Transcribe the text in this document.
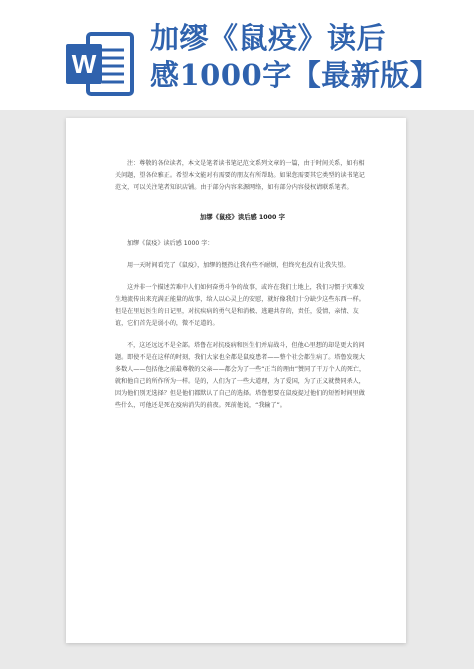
W
加缪《鼠疫》读后
感1000字【最新版】

注：尊敬的各位读者，本文是笔者读书笔记范文系列文章的一篇，由于时间关系，如有相关问题，望各位雅正。希望本文能对有需要的朋友有所帮助。如果您需要其它类型的读书笔记范文，可以关注笔者知识店铺。由于部分内容来源网络，如有部分内容侵权请联系笔者。

加缪《鼠疫》读后感 1000 字

加缪《鼠疫》读后感 1000 字：

用一天时间看完了《鼠疫》，加缪的惬热让我有些不耐烦，但终究也没有让我失望。

这并非一个描述苦难中人们如何奋勇斗争的故事，或许在我们土地上，我们习惯于灾难发生地流传出来充满正能量的故事，给人以心灵上的安慰，就好像我们十分缺少这些东西一样。但是在里厄医生的日记里，对抗疾病的勇气是和消极、逃避共存的，责任，爱情，亲情、友谊，它们首先是弱小的，微不足道的。

不，这还远远不是全部。塔鲁在对抗疫病和医生们并肩战斗，但他心里想的却是更大的问题。即使不是在这样的时刻，我们大家也全都是鼠疫患者——整个社会都生病了。塔鲁发现大多数人——包括他之前最尊敬的父亲——都会为了一些“正当的理由”赞同了干万个人的死亡，就和他自己的所作所为一样。是的，人们为了一些大道理，为了爱国，为了正义就赞同杀人，因为他们别无选择？但是他们都默认了自己的选择。塔鲁想要在鼠疫提过他们的短暂时间里做些什么，可他还是死在疫病消失的前夜。死前他说，“我输了”。
